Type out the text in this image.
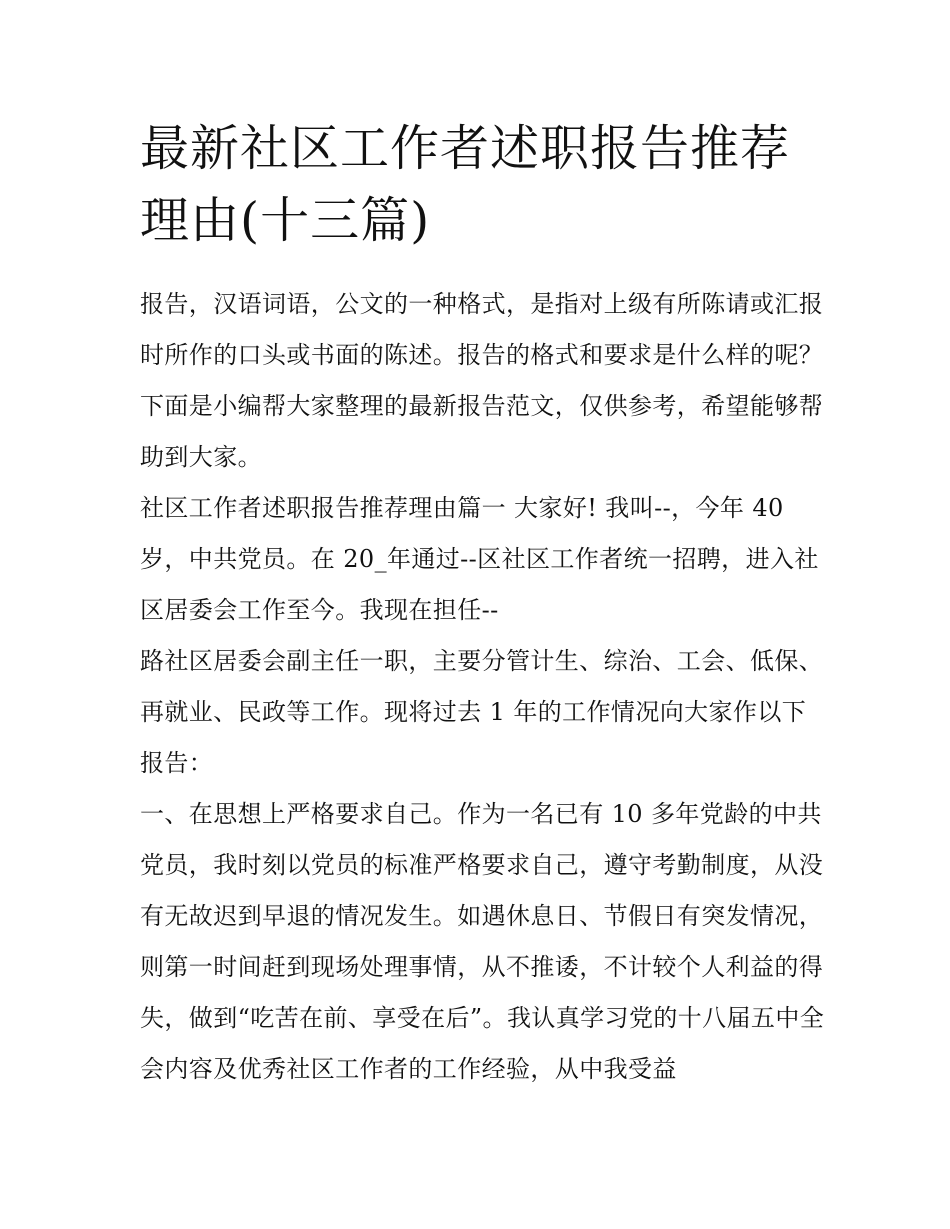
最新社区工作者述职报告推荐理由(十三篇)

报告，汉语词语，公文的一种格式，是指对上级有所陈请或汇报时所作的口头或书面的陈述。报告的格式和要求是什么样的呢？下面是小编帮大家整理的最新报告范文，仅供参考，希望能够帮助到大家。

社区工作者述职报告推荐理由篇一 大家好! 我叫--，今年 40 岁，中共党员。在 20_年通过--区社区工作者统一招聘，进入社区居委会工作至今。我现在担任--

路社区居委会副主任一职，主要分管计生、综治、工会、低保、再就业、民政等工作。现将过去 1 年的工作情况向大家作以下报告：

一、在思想上严格要求自己。作为一名已有 10 多年党龄的中共党员，我时刻以党员的标准严格要求自己，遵守考勤制度，从没有无故迟到早退的情况发生。如遇休息日、节假日有突发情况，则第一时间赶到现场处理事情，从不推诿，不计较个人利益的得失，做到“吃苦在前、享受在后”。我认真学习党的十八届五中全会内容及优秀社区工作者的工作经验，从中我受益
